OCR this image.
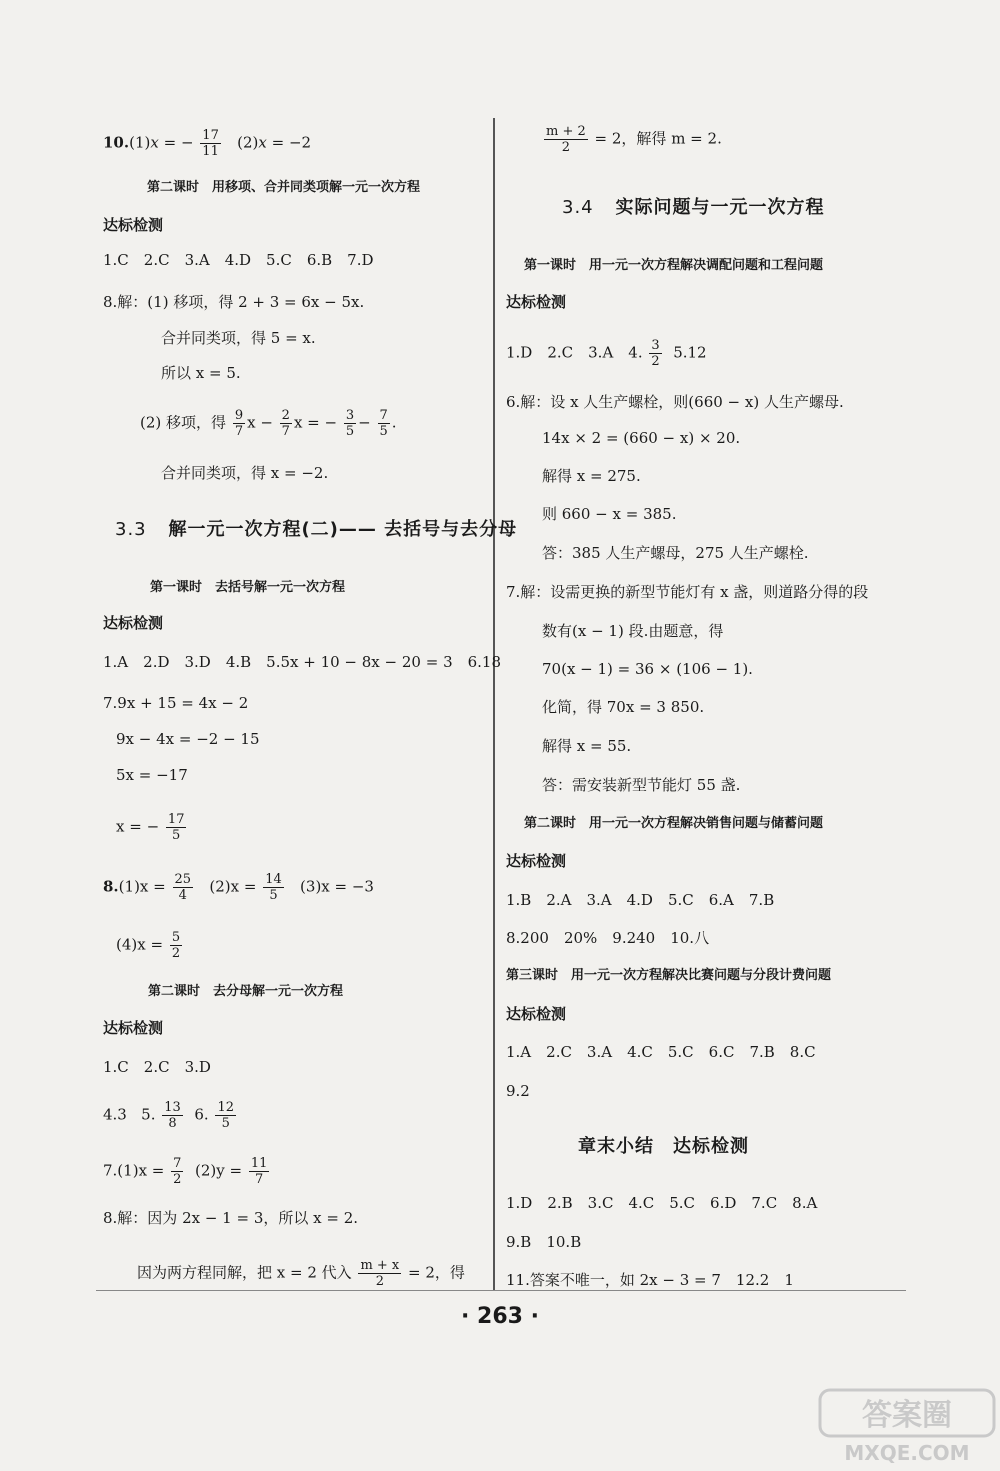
10.(1)x = − $\frac{17}{11} (2)x = -2$
第二课时　用移项、合并同类项解一元一次方程
达标检测
1.C　2.C　3.A　4.D　5.C　6.B　7.D
8.解：(1) 移项，得 2 + 3 = 6x − 5x.
合并同类项，得 5 = x.
所以 x = 5.
(2) 移项，得 $\frac{9}{7}$ $x - \frac{2}{7}$ x = − $\frac{3}{5} - \frac{7}{5}$ .
合并同类项，得 x = −2.
3.3 解一元一次方程(二)—— 去括号与去分母
第一课时　去括号解一元一次方程
达标检测
1.A　2.D　3.D　4.B　5.5x + 10 − 8x − 20 = 3　6.18
7.9x + 15 = 4x − 2
9x − 4x = −2 − 15
5x = −17
x = − $\frac{17}{5}$
$8.(1)x = \frac{25}{4} (2)x = \frac{14}{5} (3)x = -3$
$(4)x = \frac{5}{2}$
第二课时　去分母解一元一次方程
达标检测
1.C　2.C　3.D
4.3 5. $\frac{13}{8} 6$. $\frac{12}{5}$
$7.(1)x = \frac{7}{2} (2)y = \frac{11}{7}$
8.解：因为 2x − 1 = 3，所以 x = 2.
因为两方程同解，把 x = 2 代入 $\frac{m + x}{2} = 2$，得
$\frac{m + 2}{2} = 2$，解得 m = 2.
3.4 实际问题与一元一次方程
第一课时　用一元一次方程解决调配问题和工程问题
达标检测
1.D　2.C　3.A　4. $\frac{3}{2} 5.12$
6.解：设 x 人生产螺栓，则(660 − x) 人生产螺母.
14x × 2 = (660 − x) × 20.
解得 x = 275.
则 660 − x = 385.
答：385 人生产螺母，275 人生产螺栓.
7.解：设需更换的新型节能灯有 x 盏，则道路分得的段
数有(x − 1) 段.由题意，得
70(x − 1) = 36 × (106 − 1).
化简，得 70x = 3 850.
解得 x = 55.
答：需安装新型节能灯 55 盏.
第二课时　用一元一次方程解决销售问题与储蓄问题
达标检测
1.B　2.A　3.A　4.D　5.C　6.A　7.B
8.200　20%　9.240　10.八
第三课时　用一元一次方程解决比赛问题与分段计费问题
达标检测
1.A　2.C　3.A　4.C　5.C　6.C　7.B　8.C
9.2
章末小结　达标检测
1.D　2.B　3.C　4.C　5.C　6.D　7.C　8.A
9.B　10.B
11.答案不唯一，如 2x − 3 = 7　12.2　1
· 263 ·
答案圈
MXQE.COM
